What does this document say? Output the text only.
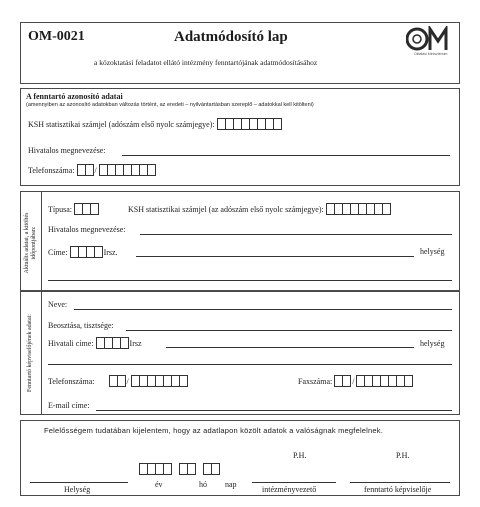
OM-0021	Adatmódosító lap
a közoktatási feladatot ellátó intézmény fenntartójának adatmódosításához
Oktatási Minisztérium
A fenntartó azonosító adatai
(amennyiben az azonosító adatokban változás történt, az eredeti – nyilvántartásban szereplő – adatokkal kell kitölteni)
KSH statisztikai számjel (adószám első nyolc számjegye):
Hivatalos megnevezése:
Telefonszáma:	/
Aktuális adatai, a kitöltés időpontjában:
Típusa:	KSH statisztikai számjel (az adószám első nyolc számjegye):
Hivatalos megnevezése:
Címe:	Irsz.	helység
Fenntartó képviselőjének adatai:
Neve:
Beosztása, tisztsége:
Hivatali címe:	Irsz	helység
Telefonszáma:	/	Faxszáma:	/
E-mail címe:
Felelősségem tudatában kijelentem, hogy az adatlapon közölt adatok a valóságnak megfelelnek.
P.H.	P.H.
Helység
év	hó nap
intézményvezető	fenntartó képviselője
